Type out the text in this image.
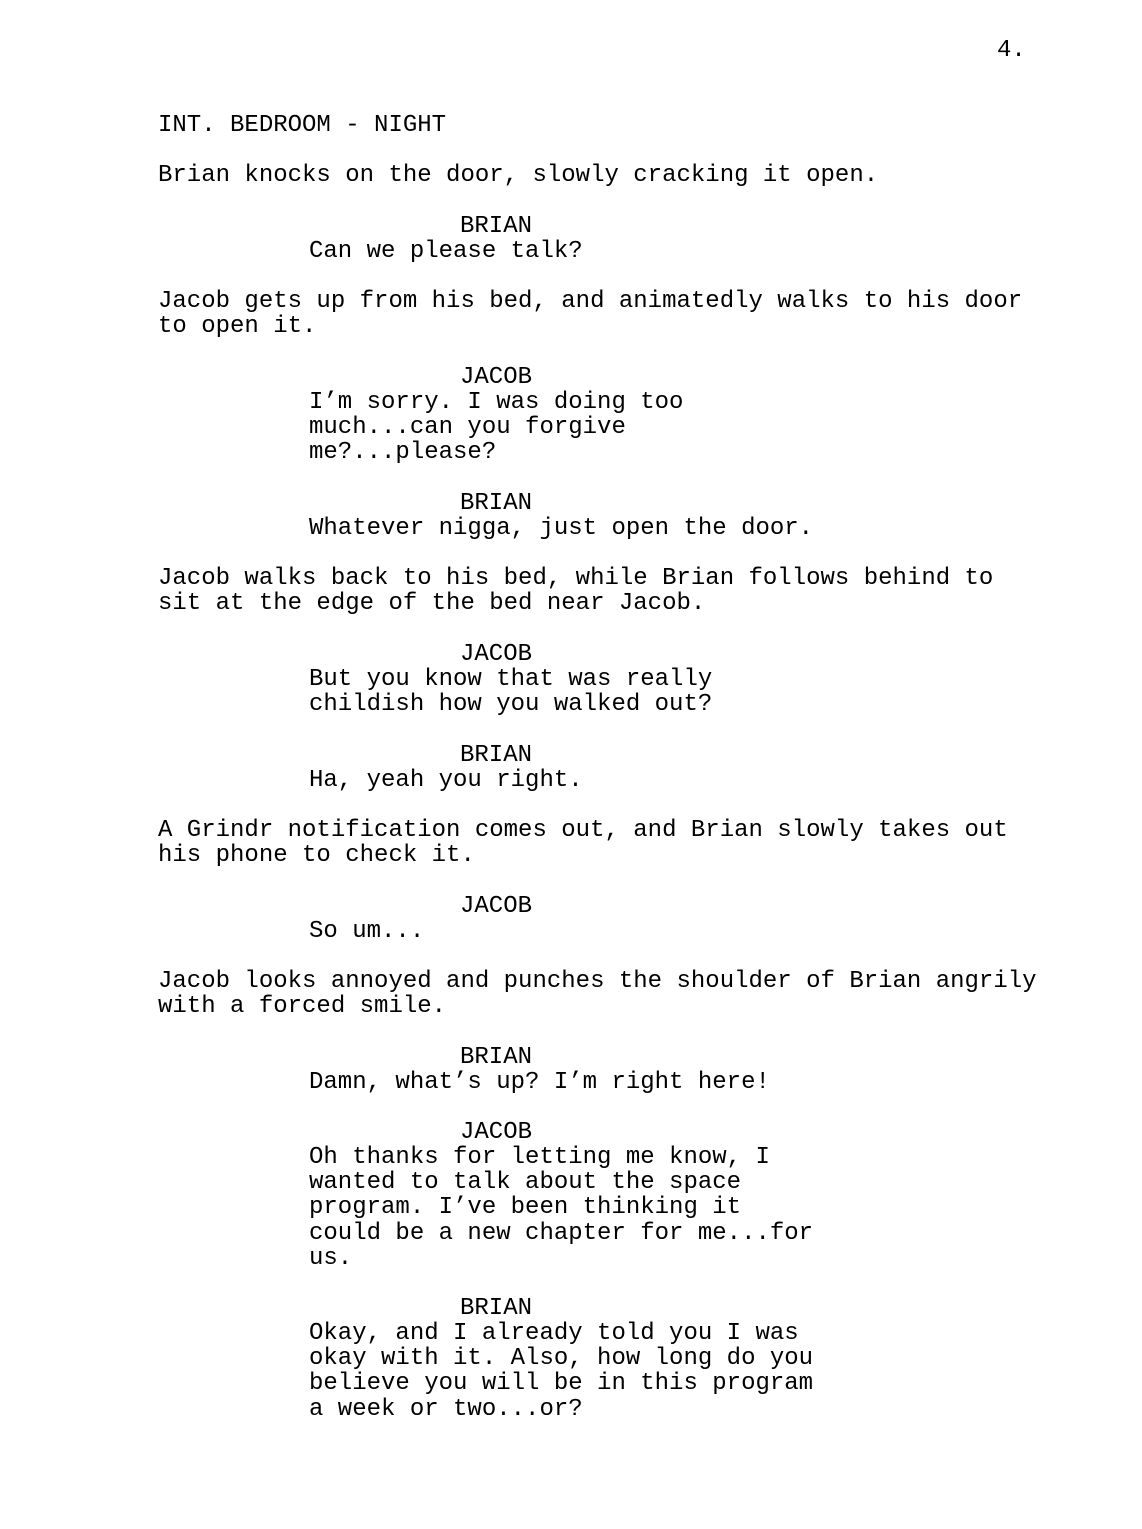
4.
INT. BEDROOM - NIGHT
Brian knocks on the door, slowly cracking it open.
BRIAN
Can we please talk?
Jacob gets up from his bed, and animatedly walks to his door
to open it.
JACOB
I’m sorry. I was doing too
much...can you forgive
me?...please?
BRIAN
Whatever nigga, just open the door.
Jacob walks back to his bed, while Brian follows behind to
sit at the edge of the bed near Jacob.
JACOB
But you know that was really
childish how you walked out?
BRIAN
Ha, yeah you right.
A Grindr notification comes out, and Brian slowly takes out
his phone to check it.
JACOB
So um...
Jacob looks annoyed and punches the shoulder of Brian angrily
with a forced smile.
BRIAN
Damn, what’s up? I’m right here!
JACOB
Oh thanks for letting me know, I
wanted to talk about the space
program. I’ve been thinking it
could be a new chapter for me...for
us.
BRIAN
Okay, and I already told you I was
okay with it. Also, how long do you
believe you will be in this program
a week or two...or?
